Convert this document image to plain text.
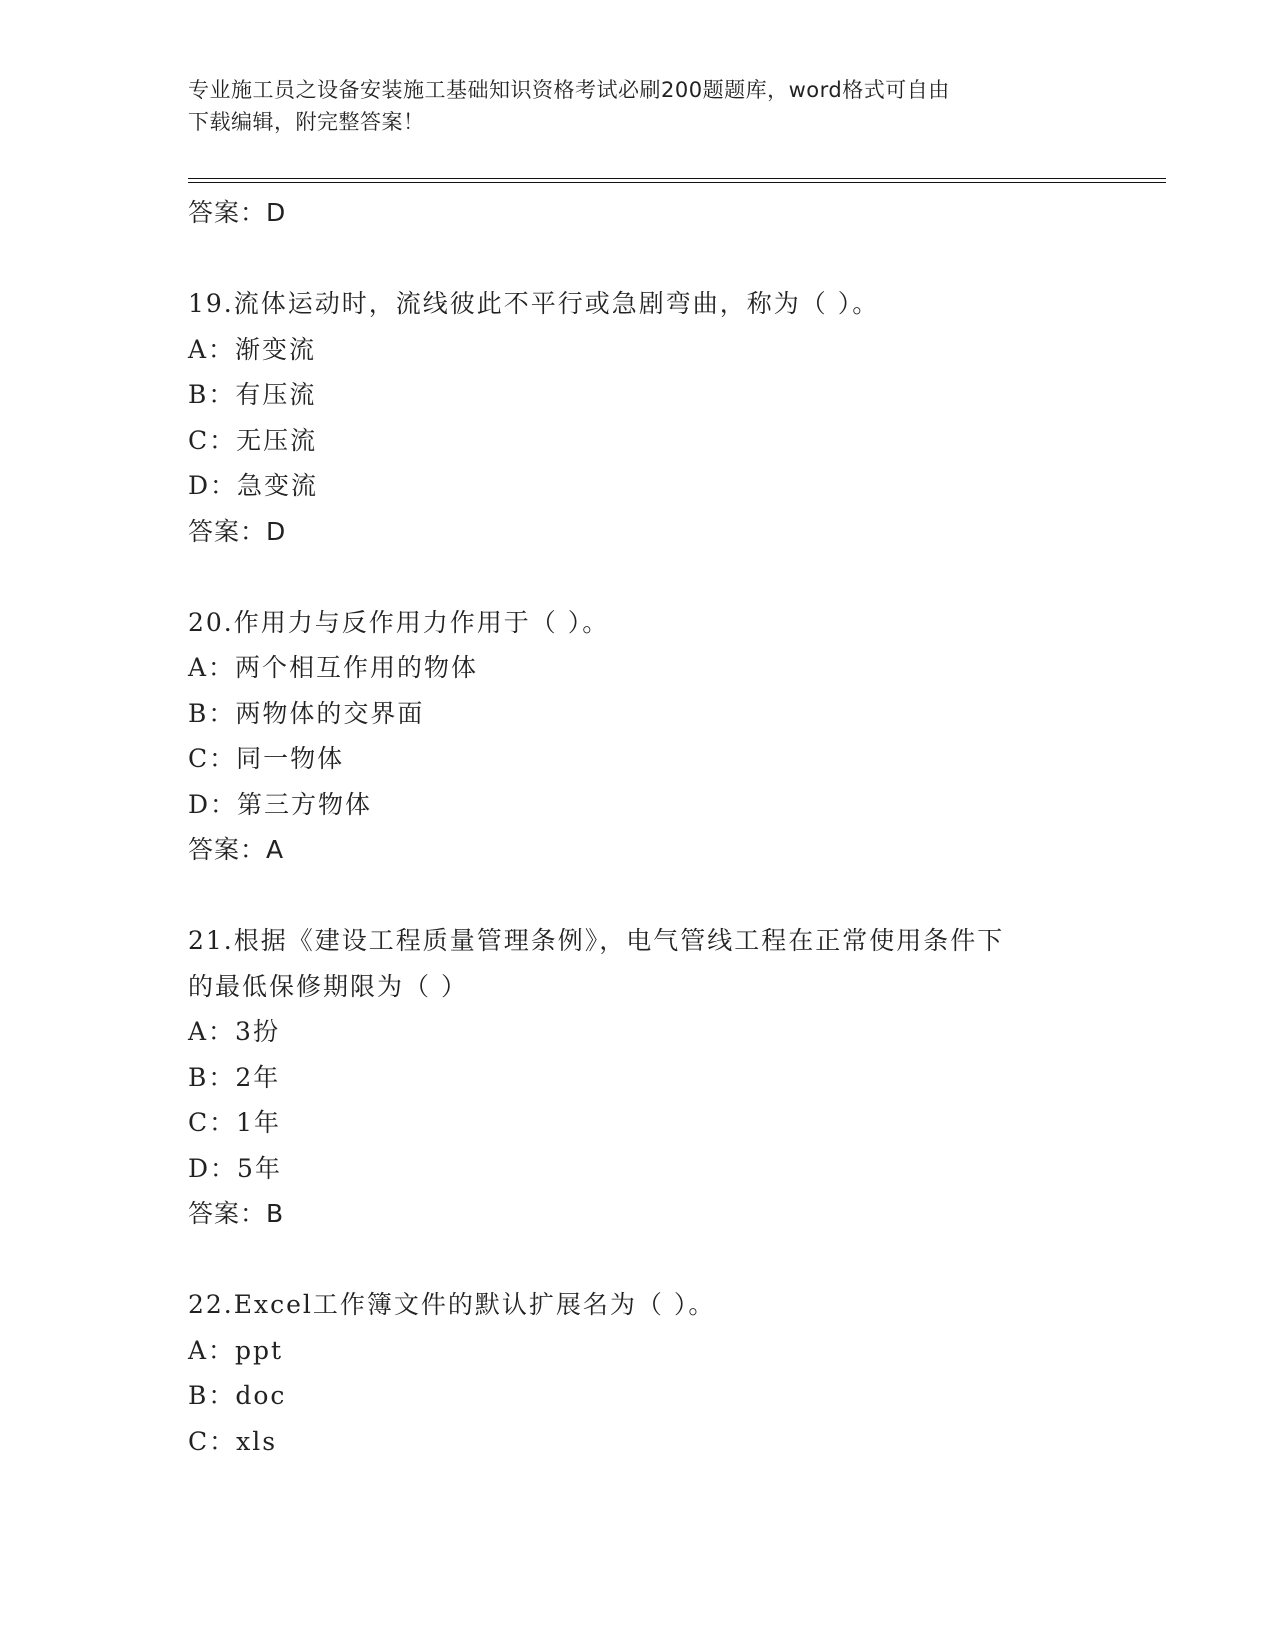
专业施工员之设备安装施工基础知识资格考试必刷200题题库，word格式可自由
下载编辑，附完整答案！
答案：D
19.流体运动时，流线彼此不平行或急剧弯曲，称为（ ）。
A：渐变流
B：有压流
C：无压流
D：急变流
答案：D
20.作用力与反作用力作用于（ ）。
A：两个相互作用的物体
B：两物体的交界面
C：同一物体
D：第三方物体
答案：A
21.根据《建设工程质量管理条例》，电气管线工程在正常使用条件下
的最低保修期限为（ ）
A：3扮
B：2年
C：1年
D：5年
答案：B
22.Excel工作簿文件的默认扩展名为（ ）。
A：ppt
B：doc
C：xls
